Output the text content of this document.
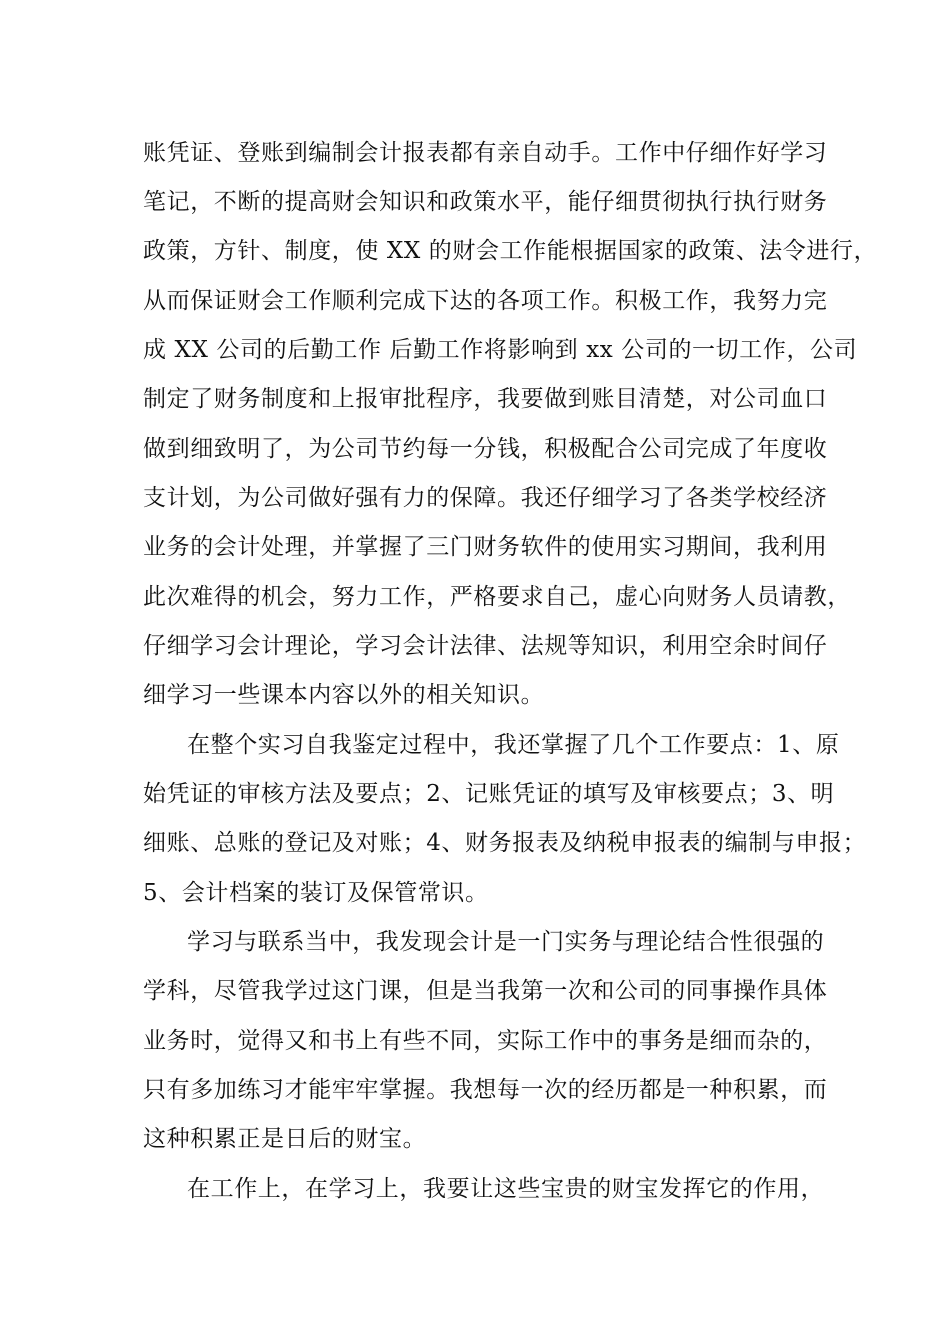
账凭证、登账到编制会计报表都有亲自动手。工作中仔细作好学习
笔记，不断的提高财会知识和政策水平，能仔细贯彻执行执行财务
政策，方针、制度，使 XX 的财会工作能根据国家的政策、法令进行，
从而保证财会工作顺利完成下达的各项工作。积极工作，我努力完
成 XX 公司的后勤工作 后勤工作将影响到 xx 公司的一切工作，公司
制定了财务制度和上报审批程序，我要做到账目清楚，对公司血口
做到细致明了，为公司节约每一分钱，积极配合公司完成了年度收
支计划，为公司做好强有力的保障。我还仔细学习了各类学校经济
业务的会计处理，并掌握了三门财务软件的使用实习期间，我利用
此次难得的机会，努力工作，严格要求自己，虚心向财务人员请教，
仔细学习会计理论，学习会计法律、法规等知识，利用空余时间仔
细学习一些课本内容以外的相关知识。
在整个实习自我鉴定过程中，我还掌握了几个工作要点：1、原
始凭证的审核方法及要点；2、记账凭证的填写及审核要点；3、明
细账、总账的登记及对账；4、财务报表及纳税申报表的编制与申报；
5、会计档案的装订及保管常识。
学习与联系当中，我发现会计是一门实务与理论结合性很强的
学科，尽管我学过这门课，但是当我第一次和公司的同事操作具体
业务时，觉得又和书上有些不同，实际工作中的事务是细而杂的，
只有多加练习才能牢牢掌握。我想每一次的经历都是一种积累，而
这种积累正是日后的财宝。
在工作上，在学习上，我要让这些宝贵的财宝发挥它的作用，
